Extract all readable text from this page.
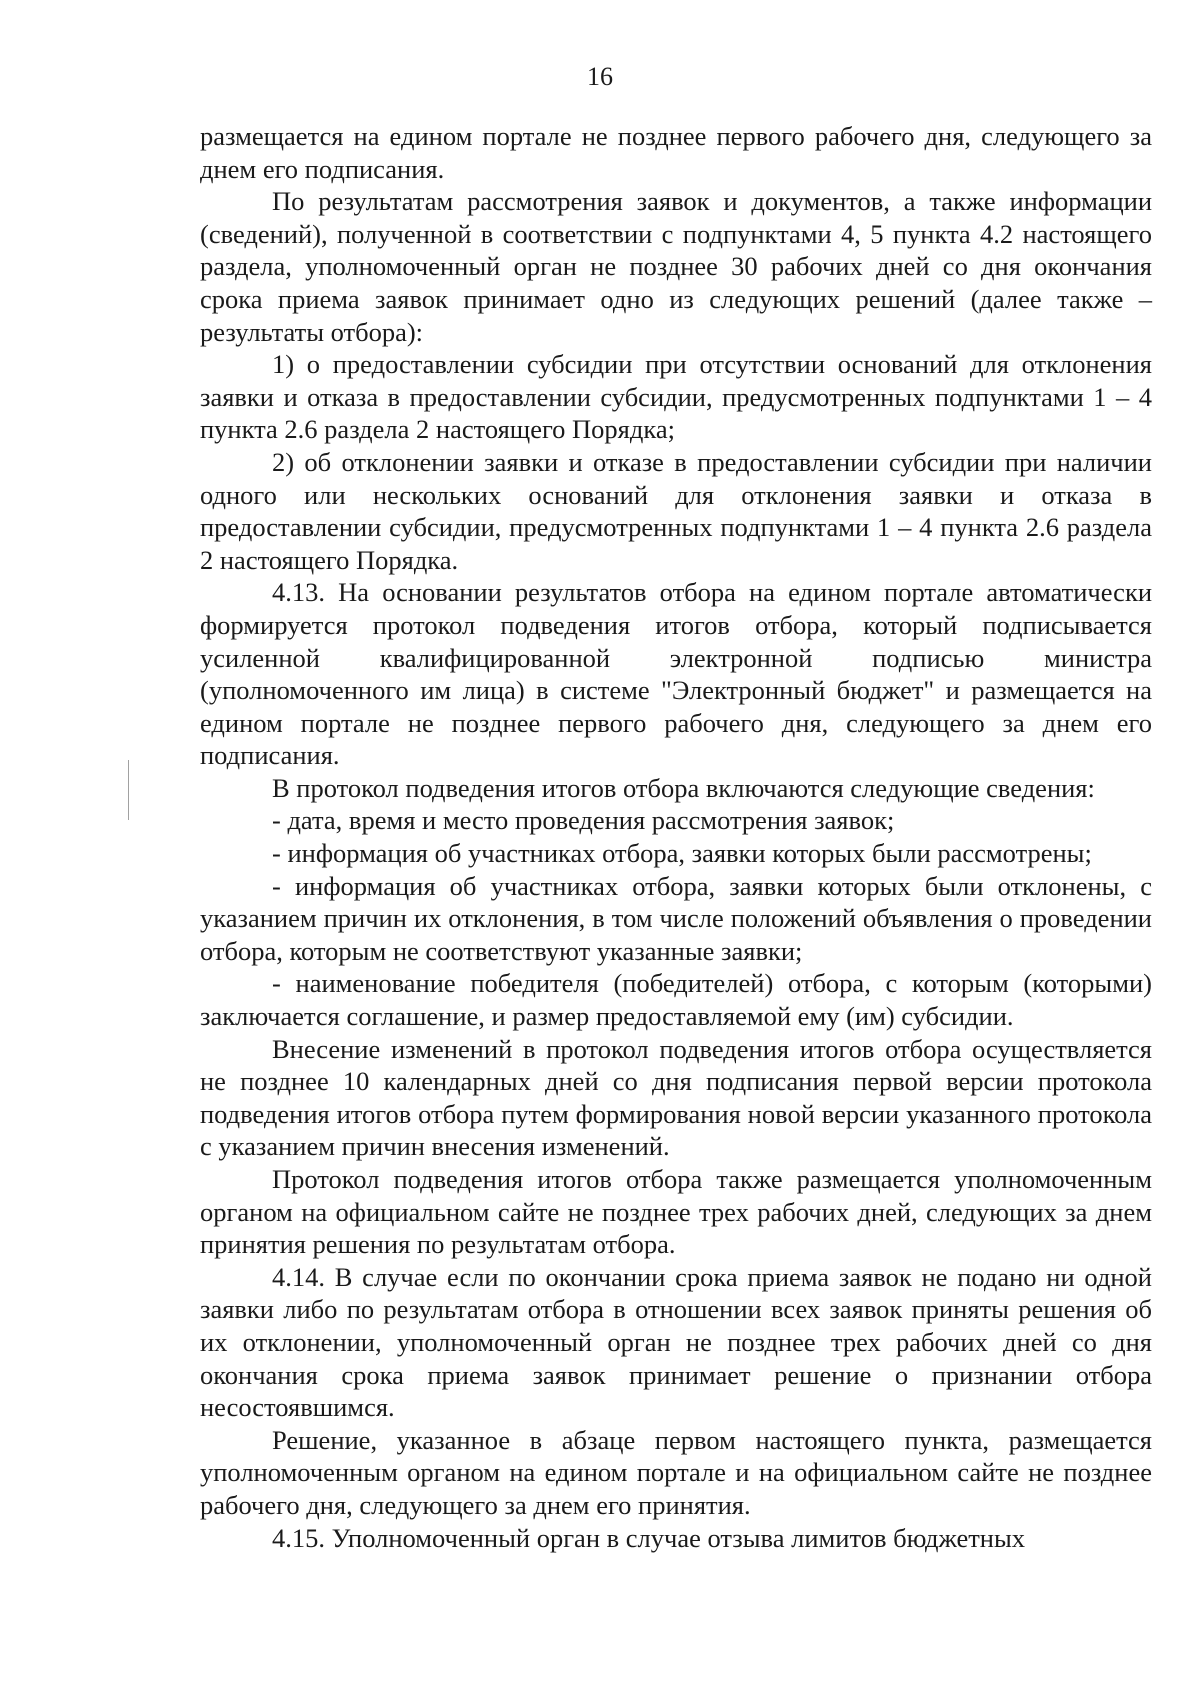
16

размещается на едином портале не позднее первого рабочего дня, следующего за днем его подписания.

По результатам рассмотрения заявок и документов, а также информации (сведений), полученной в соответствии с подпунктами 4, 5 пункта 4.2 настоящего раздела, уполномоченный орган не позднее 30 рабочих дней со дня окончания срока приема заявок принимает одно из следующих решений (далее также – результаты отбора):

1) о предоставлении субсидии при отсутствии оснований для отклонения заявки и отказа в предоставлении субсидии, предусмотренных подпунктами 1 – 4 пункта 2.6 раздела 2 настоящего Порядка;

2) об отклонении заявки и отказе в предоставлении субсидии при наличии одного или нескольких оснований для отклонения заявки и отказа в предоставлении субсидии, предусмотренных подпунктами 1 – 4 пункта 2.6 раздела 2 настоящего Порядка.

4.13. На основании результатов отбора на едином портале автоматически формируется протокол подведения итогов отбора, который подписывается усиленной квалифицированной электронной подписью министра (уполномоченного им лица) в системе "Электронный бюджет" и размещается на едином портале не позднее первого рабочего дня, следующего за днем его подписания.

В протокол подведения итогов отбора включаются следующие сведения:

- дата, время и место проведения рассмотрения заявок;

- информация об участниках отбора, заявки которых были рассмотрены;

- информация об участниках отбора, заявки которых были отклонены, с указанием причин их отклонения, в том числе положений объявления о проведении отбора, которым не соответствуют указанные заявки;

- наименование победителя (победителей) отбора, с которым (которыми) заключается соглашение, и размер предоставляемой ему (им) субсидии.

Внесение изменений в протокол подведения итогов отбора осуществляется не позднее 10 календарных дней со дня подписания первой версии протокола подведения итогов отбора путем формирования новой версии указанного протокола с указанием причин внесения изменений.

Протокол подведения итогов отбора также размещается уполномоченным органом на официальном сайте не позднее трех рабочих дней, следующих за днем принятия решения по результатам отбора.

4.14. В случае если по окончании срока приема заявок не подано ни одной заявки либо по результатам отбора в отношении всех заявок приняты решения об их отклонении, уполномоченный орган не позднее трех рабочих дней со дня окончания срока приема заявок принимает решение о признании отбора несостоявшимся.

Решение, указанное в абзаце первом настоящего пункта, размещается уполномоченным органом на едином портале и на официальном сайте не позднее рабочего дня, следующего за днем его принятия.

4.15. Уполномоченный орган в случае отзыва лимитов бюджетных
